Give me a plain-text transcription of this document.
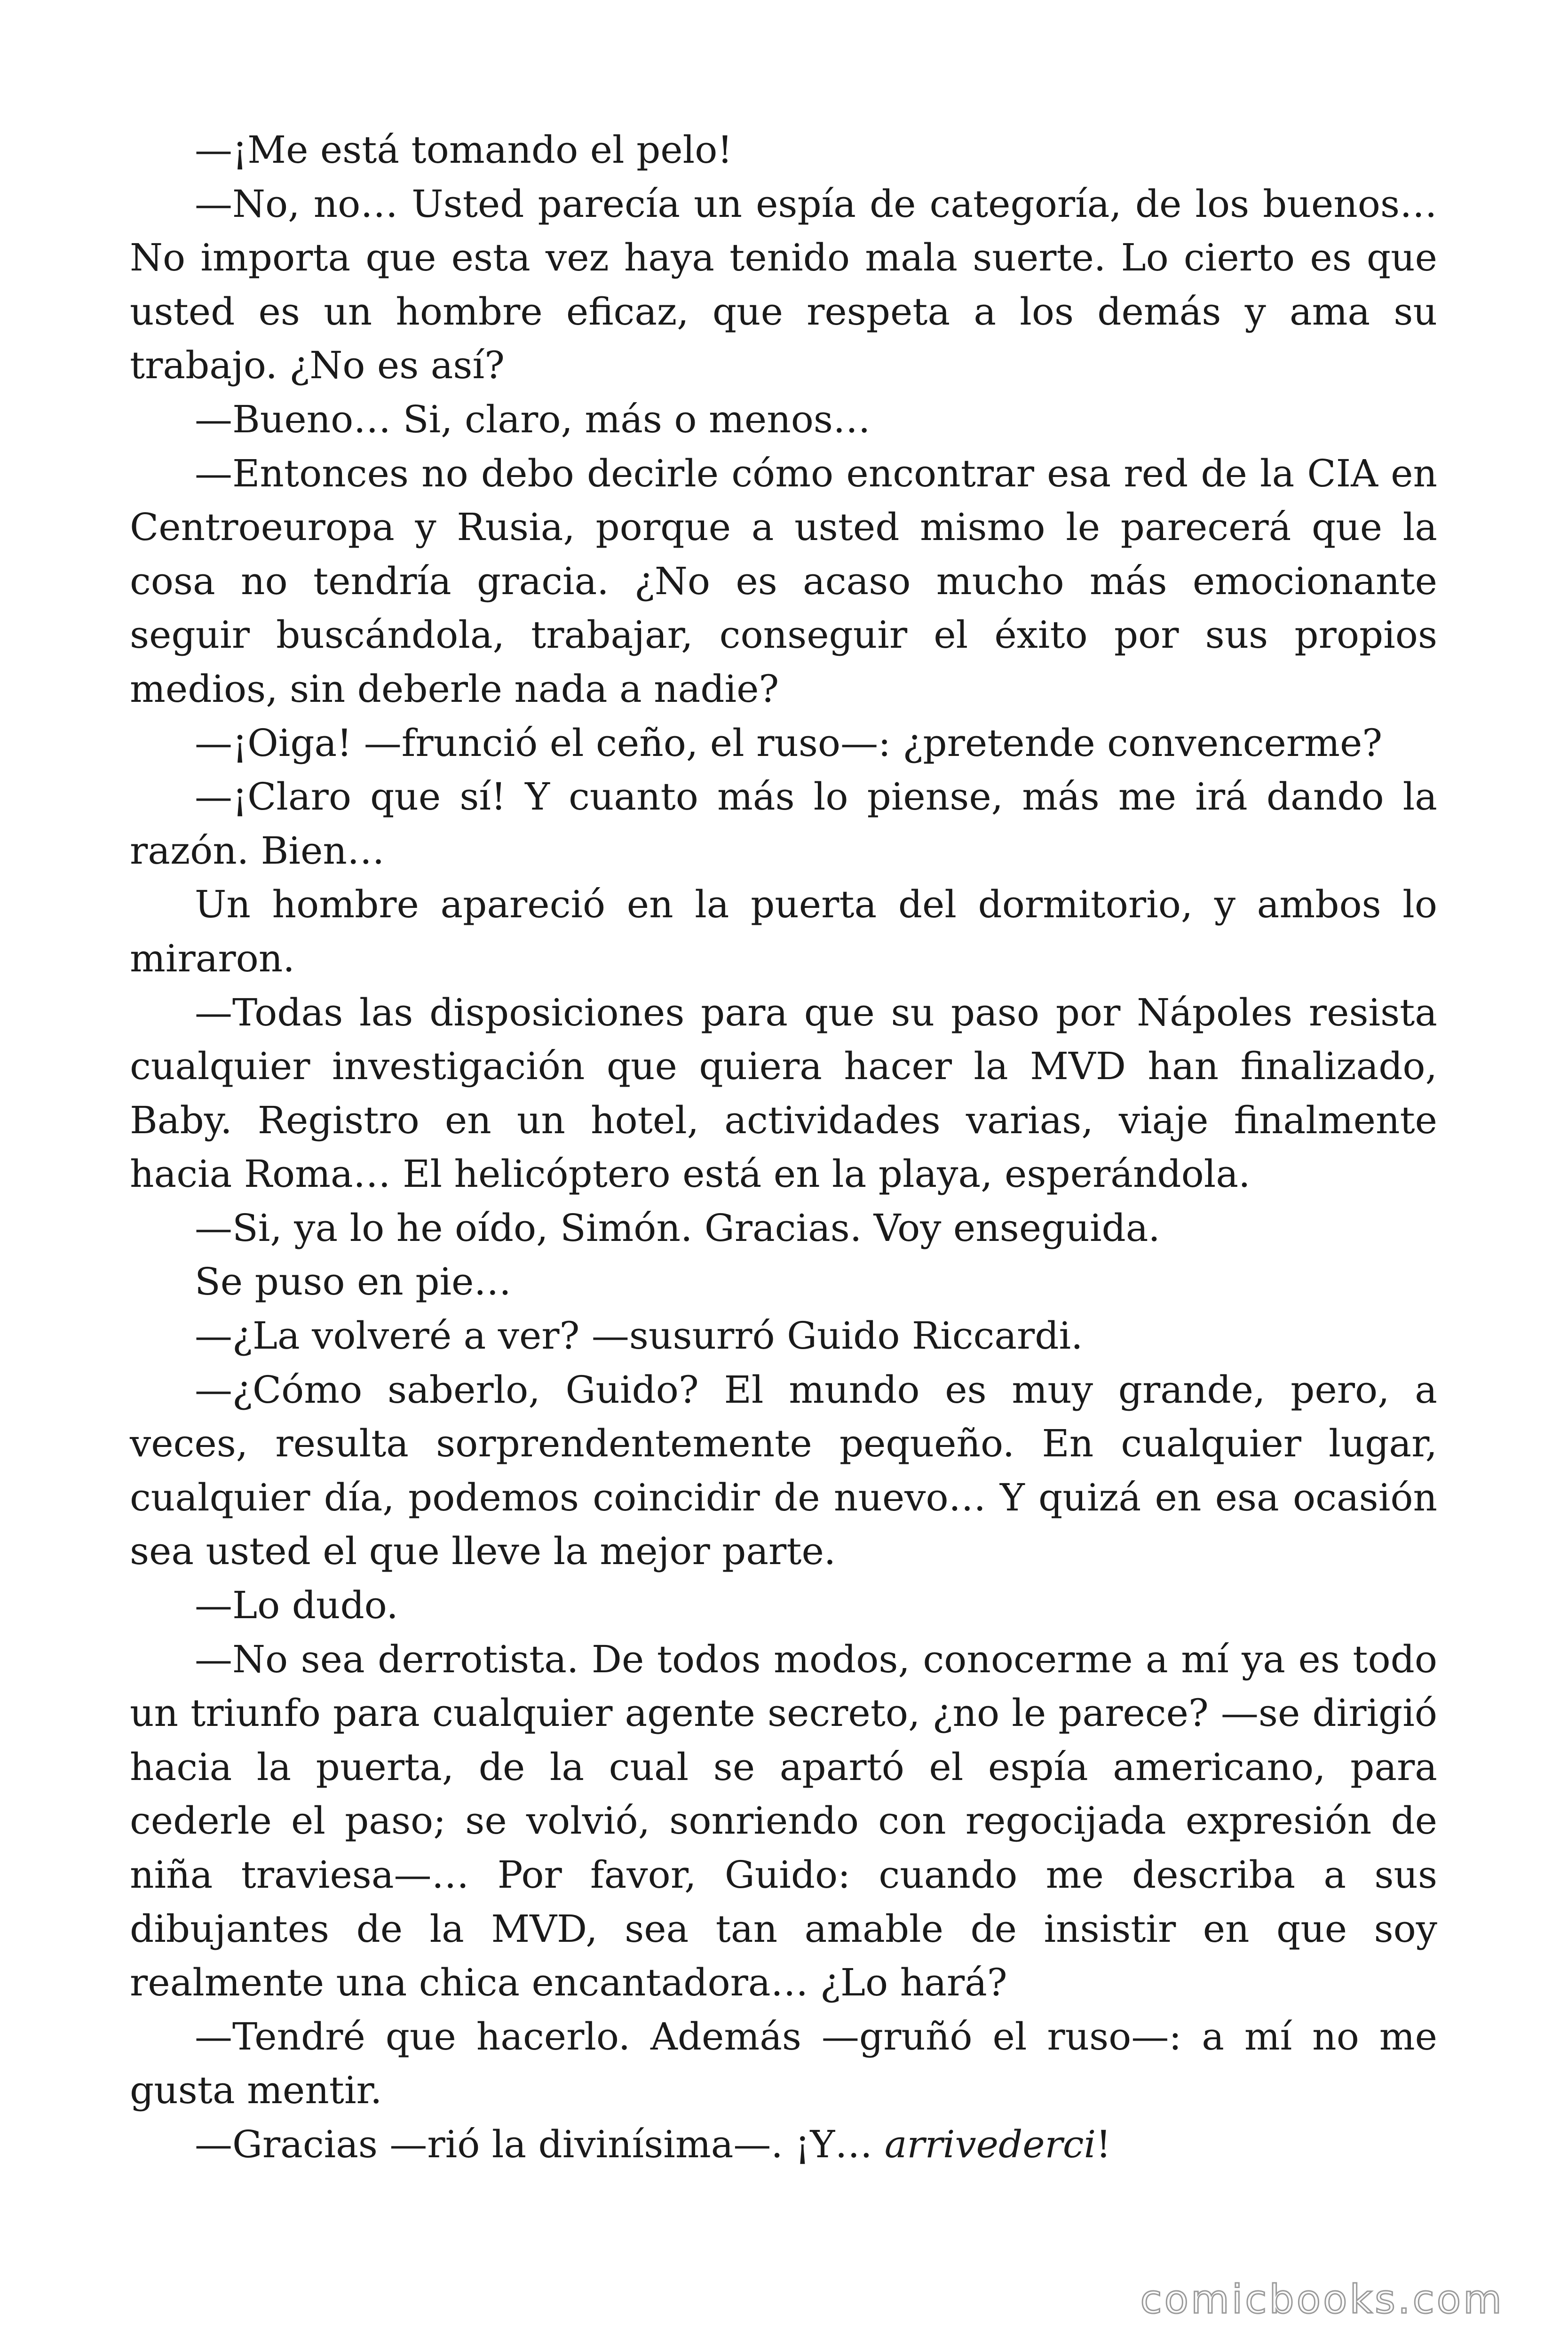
—¡Me está tomando el pelo!

—No, no… Usted parecía un espía de categoría, de los buenos… No importa que esta vez haya tenido mala suerte. Lo cierto es que usted es un hombre eficaz, que respeta a los demás y ama su trabajo. ¿No es así?

—Bueno… Si, claro, más o menos…

—Entonces no debo decirle cómo encontrar esa red de la CIA en Centroeuropa y Rusia, porque a usted mismo le parecerá que la cosa no tendría gracia. ¿No es acaso mucho más emocionante seguir buscándola, trabajar, conseguir el éxito por sus propios medios, sin deberle nada a nadie?

—¡Oiga! —frunció el ceño, el ruso—: ¿pretende convencerme?

—¡Claro que sí! Y cuanto más lo piense, más me irá dando la razón. Bien…

Un hombre apareció en la puerta del dormitorio, y ambos lo miraron.

—Todas las disposiciones para que su paso por Nápoles resista cualquier investigación que quiera hacer la MVD han finalizado, Baby. Registro en un hotel, actividades varias, viaje finalmente hacia Roma… El helicóptero está en la playa, esperándola.

—Si, ya lo he oído, Simón. Gracias. Voy enseguida.

Se puso en pie…

—¿La volveré a ver? —susurró Guido Riccardi.

—¿Cómo saberlo, Guido? El mundo es muy grande, pero, a veces, resulta sorprendentemente pequeño. En cualquier lugar, cualquier día, podemos coincidir de nuevo… Y quizá en esa ocasión sea usted el que lleve la mejor parte.

—Lo dudo.

—No sea derrotista. De todos modos, conocerme a mí ya es todo un triunfo para cualquier agente secreto, ¿no le parece? —se dirigió hacia la puerta, de la cual se apartó el espía americano, para cederle el paso; se volvió, sonriendo con regocijada expresión de niña traviesa—… Por favor, Guido: cuando me describa a sus dibujantes de la MVD, sea tan amable de insistir en que soy realmente una chica encantadora… ¿Lo hará?

—Tendré que hacerlo. Además —gruñó el ruso—: a mí no me gusta mentir.

—Gracias —rió la divinísima—. ¡Y… arrivederci!

comicbooks.com
